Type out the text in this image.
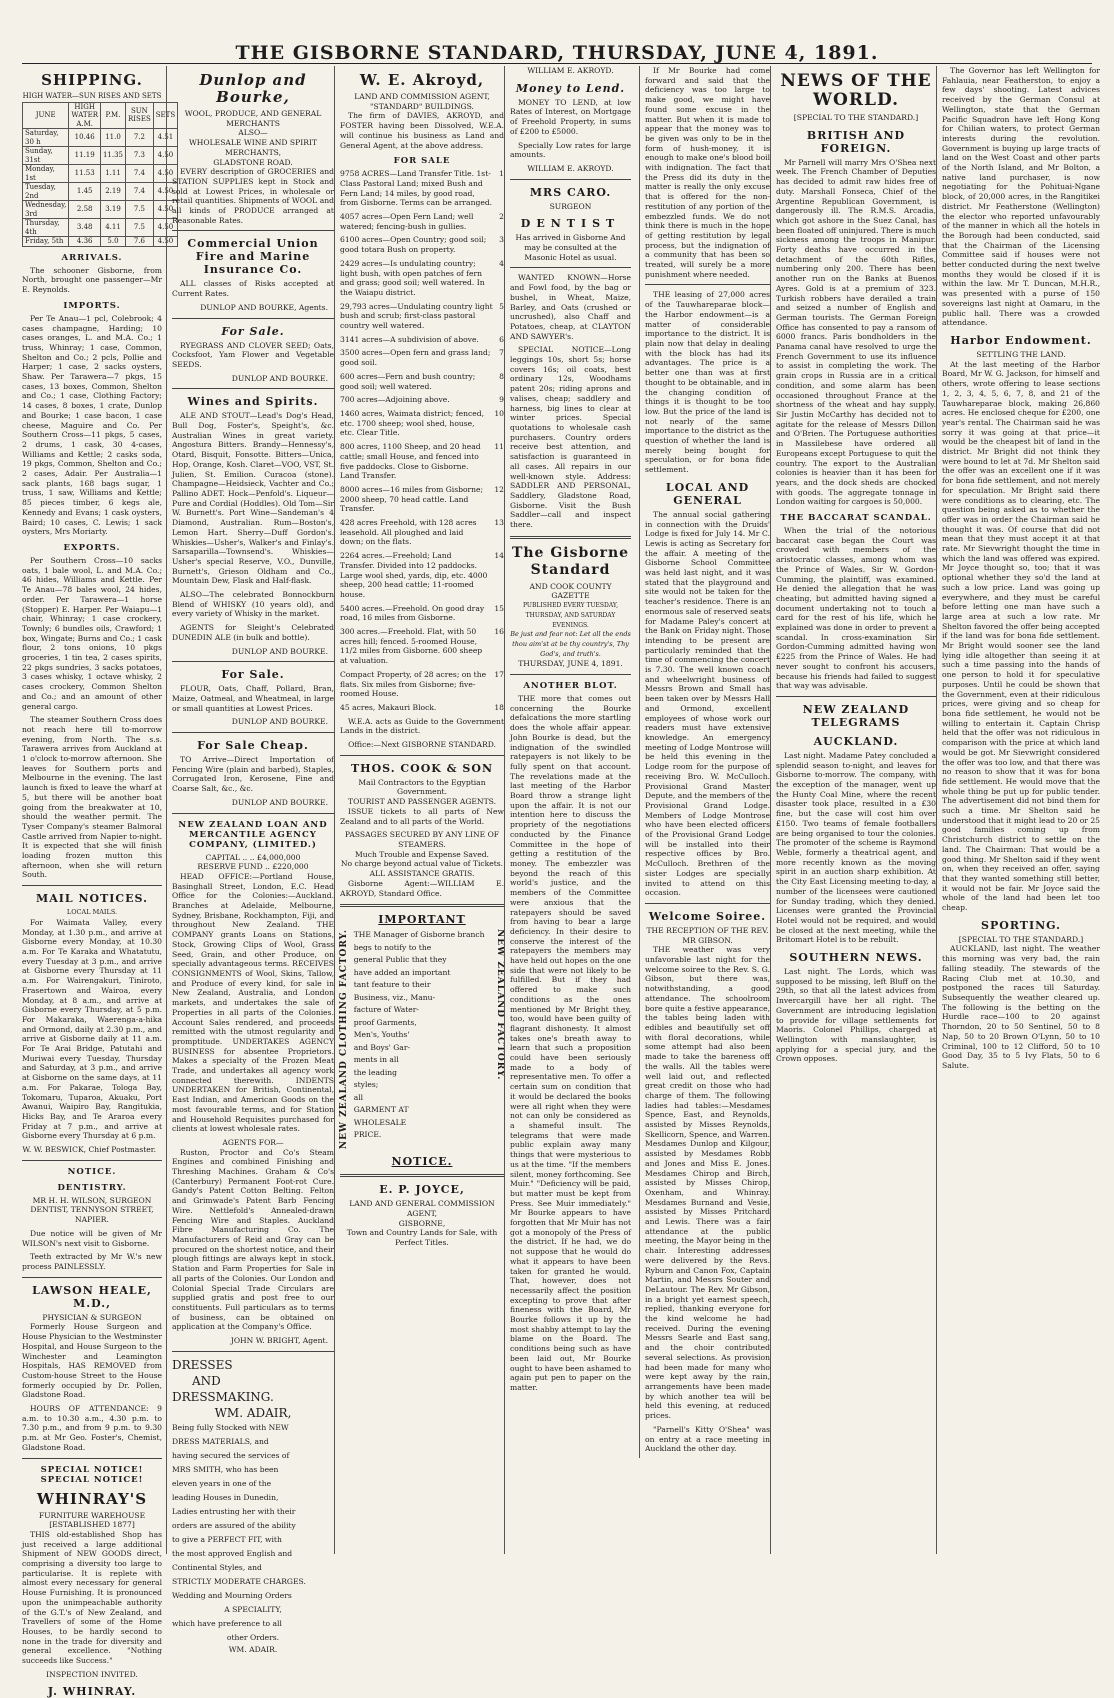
THE GISBORNE STANDARD, THURSDAY, JUNE 4, 1891.
SHIPPING.
HIGH WATER—SUN RISES AND SETS
JUNE	HIGH WATER A.M.	P.M.	SUN RISES	SETS
Saturday, 30 h	10.46	11.0	7.2	4.51
Sunday, 31st	11.19	11.35	7.3	4.50
Monday, 1st	11.53	1.11	7.4	4.50
Tuesday, 2nd	1.45	2.19	7.4	4.50
Wednesday, 3rd	2.58	3.19	7.5	4.50
Thursday, 4th	3.48	4.11	7.5	4.50
Friday, 5th	4.36	5.0	7.6	4.50
ARRIVALS.

The schooner Gisborne, from North, brought one passenger—Mr E. Reynolds.

IMPORTS.

Per Te Anau—1 pcl, Colebrook; 4 cases champagne, Harding; 10 cases oranges, L. and M.A. Co.; 1 truss, Whinray; 1 case, Common, Shelton and Co.; 2 pcls, Pollie and Harper; 1 case, 2 sacks oysters, Shaw. Per Tarawera—7 pkgs, 15 cases, 13 boxes, Common, Shelton and Co.; 1 case, Clothing Factory; 14 cases, 8 boxes, 1 crate, Dunlop and Bourke; 1 case bacon, 1 case cheese, Maguire and Co. Per Southern Cross—11 pkgs, 5 cases, 2 drums, 1 cask, 30 4-cases, Williams and Kettle; 2 casks soda, 19 pkgs, Common, Shelton and Co.; 2 cases, Adair. Per Australia—1 sack plants, 168 bags sugar, 1 truss, 1 saw, Williams and Kettle; 85 pieces timber, 6 kegs ale, Kennedy and Evans; 1 cask oysters, Baird; 10 cases, C. Lewis; 1 sack oysters, Mrs Moriarty.

EXPORTS.

Per Southern Cross—10 sacks oats, 1 bale wool, L. and M.A. Co.; 46 hides, Williams and Kettle. Per Te Anau—78 bales wool, 24 hides, order. Per Tarawera—1 horse (Stopper) E. Harper. Per Waiapu—1 chair, Whinray; 1 case crockery, Townly; 6 bundles oils, Crawford; 1 box, Wingate; Burns and Co.; 1 cask flour, 2 tons onions, 10 pkgs groceries, 1 tin tea, 2 cases spirits, 22 pkgs sundries, 3 sacks potatoes, 3 cases whisky, 1 octave whisky, 2 cases crockery, Common Shelton and Co.; and an amount of other general cargo.

The steamer Southern Cross does not reach here till to-morrow evening, from North. The s.s. Tarawera arrives from Auckland at 1 o'clock to-morrow afternoon. She leaves for Southern ports and Melbourne in the evening. The last launch is fixed to leave the wharf at 5, but there will be another boat going from the breakwater at 10, should the weather permit. The Tyser Company's steamer Balmoral Castle arrived from Napier to-night. It is expected that she will finish loading frozen mutton this afternoon, when she will return South.

MAIL NOTICES.
LOCAL MAILS.

For Waimata Valley, every Monday, at 1.30 p.m., and arrive at Gisborne every Monday, at 10.30 a.m. For Te Karaka and Whatatutu, every Tuesday at 3 p.m., and arrive at Gisborne every Thursday at 11 a.m. For Wairengakuri, Tiniroto, Frasertown and Wairoa, every Monday, at 8 a.m., and arrive at Gisborne every Thursday, at 5 p.m. For Makaraka, Waerenga-a-hika and Ormond, daily at 2.30 p.m., and arrive at Gisborne daily at 11 a.m. For Te Arai Bridge, Patutahi and Muriwai every Tuesday, Thursday and Saturday, at 3 p.m., and arrive at Gisborne on the same days, at 11 a.m. For Pakarae, Tologa Bay, Tokomaru, Tuparoa, Akuaku, Port Awanui, Waipiro Bay, Rangitukia, Hicks Bay, and Te Araroa every Friday at 7 p.m., and arrive at Gisborne every Thursday at 6 p.m.

W. W. BESWICK, Chief Postmaster.
NOTICE.
DENTISTRY.

MR H. H. WILSON, SURGEON DENTIST, TENNYSON STREET, NAPIER.

Due notice will be given of Mr WILSON's next visit to Gisborne.

Teeth extracted by Mr W.'s new process PAINLESSLY.

LAWSON HEALE, M.D.,
PHYSICIAN & SURGEON

Formerly House Surgeon and House Physician to the Westminster Hospital, and House Surgeon to the Winchester and Leamington Hospitals, HAS REMOVED from Custom-house Street to the House formerly occupied by Dr. Pollen, Gladstone Road.

HOURS OF ATTENDANCE: 9 a.m. to 10.30 a.m., 4.30 p.m. to 7.30 p.m., and from 9 p.m. to 9.30 p.m. at Mr Geo. Foster's, Chemist, Gladstone Road.

SPECIAL NOTICE! SPECIAL NOTICE!
WHINRAY'S
FURNITURE WAREHOUSE
[ESTABLISHED 1877]

THIS old-established Shop has just received a large additional Shipment of NEW GOODS direct, comprising a diversity too large to particularise. It is replete with almost every necessary for general House Furnishing. It is pronounced upon the unimpeachable authority of the G.T.'s of New Zealand, and Travellers of some of the Home Houses, to be hardly second to none in the trade for diversity and general excellence. "Nothing succeeds like Success."

INSPECTION INVITED.
J. WHINRAY.
Dunlop and Bourke,
WOOL, PRODUCE, AND GENERAL MERCHANTS
ALSO—
WHOLESALE WINE AND SPIRIT MERCHANTS,
GLADSTONE ROAD.

EVERY description of GROCERIES and STATION SUPPLIES kept in Stock and sold at Lowest Prices, in wholesale or retail quantities. Shipments of WOOL and all kinds of PRODUCE arranged at Reasonable Rates.

Commercial Union Fire and Marine Insurance Co.

ALL classes of Risks accepted at Current Rates.

DUNLOP AND BOURKE, Agents.
For Sale.

RYEGRASS AND CLOVER SEED; Oats, Cocksfoot, Yam Flower and Vegetable SEEDS.

DUNLOP AND BOURKE.
Wines and Spirits.

ALE AND STOUT—Lead's Dog's Head, Bull Dog, Foster's, Speight's, &c. Australian Wines in great variety. Angostura Bitters. Brandy—Hennessy's, Otard, Bisquit, Fonsotte. Bitters—Unica, Hop, Orange, Kosh. Claret—VOO, VST, St. Julien, St. Emilion. Curacoa (stone). Champagne—Heidsieck, Vachter and Co.; Pallino ADET. Hock—Penfold's. Liqueur—Pure and Cordial (Hoddles). Old Tom—Sir W. Burnett's. Port Wine—Sandeman's 4 Diamond, Australian. Rum—Boston's, Lemon Hart. Sherry—Duff Gordon's. Whiskies—Usher's, Walker's and Finlay's. Sarsaparilla—Townsend's. Whiskies—Usher's special Reserve, V.O., Dunville, Burnett's, Grieson Oldham and Co., Mountain Dew, Flask and Half-flask.

ALSO—The celebrated Bonnockburn Blend of WHISKY (10 years old), and every variety of Whisky in the market.

AGENTS for Sleight's Celebrated DUNEDIN ALE (in bulk and bottle).

DUNLOP AND BOURKE.
For Sale.

FLOUR, Oats, Chaff, Pollard, Bran, Maize, Oatmeal, and Wheatmeal, in large or small quantities at Lowest Prices.

DUNLOP AND BOURKE.
For Sale Cheap.

TO Arrive—Direct Importation of Fencing Wire (plain and barbed), Staples, Corrugated Iron, Kerosene, Fine and Coarse Salt, &c., &c.

DUNLOP AND BOURKE.
NEW ZEALAND LOAN AND MERCANTILE AGENCY COMPANY, (LIMITED.)
CAPITAL .. .. £4,000,000
RESERVE FUND .. £220,000

HEAD OFFICE:—Portland House, Basinghall Street, London, E.C. Head Office for the Colonies:—Auckland. Branches at Adelaide, Melbourne, Sydney, Brisbane, Rockhampton, Fiji, and throughout New Zealand. THE COMPANY grants Loans on Stations, Stock, Growing Clips of Wool, Grass Seed, Grain, and other Produce, on specially advantageous terms. RECEIVES CONSIGNMENTS of Wool, Skins, Tallow, and Produce of every kind, for sale in New Zealand, Australia, and London markets, and undertakes the sale of Properties in all parts of the Colonies. Account Sales rendered, and proceeds remitted with the utmost regularity and promptitude. UNDERTAKES AGENCY BUSINESS for absentee Proprietors. Makes a specialty of the Frozen Meat Trade, and undertakes all agency work connected therewith. INDENTS UNDERTAKEN for British, Continental, East Indian, and American Goods on the most favourable terms, and for Station and Household Requisites purchased for clients at lowest wholesale rates.

AGENTS FOR—

Ruston, Proctor and Co's Steam Engines and combined Finishing and Threshing Machines. Graham & Co's (Canterbury) Permanent Foot-rot Cure. Gandy's Patent Cotton Belting. Felton and Grimwade's Patent Barb Fencing Wire. Nettlefold's Annealed-drawn Fencing Wire and Staples. Auckland Fibre Manufacturing Co. The Manufacturers of Reid and Gray can be procured on the shortest notice, and their plough fittings are always kept in stock. Station and Farm Properties for Sale in all parts of the Colonies. Our London and Colonial Special Trade Circulars are supplied gratis and post free to our constituents. Full particulars as to terms of business, can be obtained on application at the Company's Office.

JOHN W. BRIGHT, Agent.
DRESSES
AND
DRESSMAKING.
WM. ADAIR,
Being fully Stocked with NEW
DRESS MATERIALS, and
having secured the services of
MRS SMITH, who has been
eleven years in one of the
leading Houses in Dunedin,
Ladies entrusting her with their
orders are assured of the ability
to give a PERFECT FIT, with
the most approved English and
Continental Styles, and
STRICTLY MODERATE CHARGES.
Wedding and Mourning Orders
A SPECIALITY,
which have preference to all
other Orders.
WM. ADAIR.
W. E. Akroyd,
LAND AND COMMISSION AGENT, "STANDARD" BUILDINGS.

The firm of DAVIES, AKROYD, and FOSTER having been Dissolved, W.E.A. will continue his business as Land and General Agent, at the above address.

FOR SALE
9758 ACRES—Land Transfer Title. 1st-Class Pastoral Land; mixed Bush and Fern Land; 14 miles, by good road, from Gisborne. Terms can be arranged.
1
4057 acres—Open Fern Land; well watered; fencing-bush in gullies.
2
6100 acres—Open Country; good soil; good totara Bush on property.
3
2429 acres—Is undulating country; light bush, with open patches of fern and grass; good soil; well watered. In the Waiapu district.
4
29,793 acres—Undulating country light bush and scrub; first-class pastoral country well watered.
5
3141 acres—A subdivision of above.	6
3500 acres—Open fern and grass land; good soil.
7
600 acres—Fern and bush country; good soil; well watered.
8
700 acres—Adjoining above.	9
1460 acres, Waimata district; fenced, etc. 1700 sheep; wool shed, house, etc. Clear Title.
10
800 acres, 1100 Sheep, and 20 head cattle; small House, and fenced into five paddocks. Close to Gisborne. Land Transfer.
11
8000 acres—16 miles from Gisborne; 2000 sheep, 70 head cattle. Land Transfer.
12
428 acres Freehold, with 128 acres leasehold. All ploughed and laid down; on the flats.
13
2264 acres.—Freehold; Land Transfer. Divided into 12 paddocks. Large wool shed, yards, dip, etc. 4000 sheep, 200 head cattle; 11-roomed house.
14
5400 acres.—Freehold. On good dray road, 16 miles from Gisborne.
15
300 acres.—Freehold. Flat, with 50 acres hill; fenced. 5-roomed House, 11/2 miles from Gisborne. 600 sheep at valuation.
16
Compact Property, of 28 acres; on the flats. Six miles from Gisborne; five-roomed House.
17
45 acres, Makauri Block.	18

W.E.A. acts as Guide to the Government Lands in the district.

Office:—Next GISBORNE STANDARD.
THOS. COOK & SON
Mail Contractors to the Egyptian Government.
TOURIST AND PASSENGER AGENTS.

ISSUE tickets to all parts of New Zealand and to all parts of the World.

PASSAGES SECURED BY ANY LINE OF STEAMERS.
Much Trouble and Expense Saved.
No charge beyond actual value of Tickets.
ALL ASSISTANCE GRATIS.

Gisborne Agent:—WILLIAM E. AKROYD, Standard Office.

IMPORTANT
NEW ZEALAND CLOTHING FACTORY. THE Manager of Gisborne branch
begs to notify to the
general Public that they
have added an important
tant feature to their
Business, viz., Manu-
facture of Water-
proof Garments,
Men's, Youths'
and Boys' Gar-
ments in all
the leading
styles;
all
GARMENT AT
WHOLESALE
PRICE.
NEW ZEALAND FACTORY.
NOTICE.
E. P. JOYCE,
LAND AND GENERAL COMMISSION AGENT,
GISBORNE,
Town and Country Lands for Sale, with Perfect Titles.
WILLIAM E. AKROYD.
Money to Lend.

MONEY TO LEND, at low Rates of Interest, on Mortgage of Freehold Property, in sums of £200 to £5000.

Specially Low rates for large amounts.

WILLIAM E. AKROYD.
MRS CARO.
SURGEON
DENTIST

Has arrived in Gisborne And may be consulted at the Masonic Hotel as usual.

WANTED KNOWN—Horse and Fowl food, by the bag or bushel, in Wheat, Maize, Barley, and Oats (crushed or uncrushed), also Chaff and Potatoes, cheap, at CLAYTON AND SAWYER's.

SPECIAL NOTICE—Long leggings 10s, short 5s; horse covers 16s; oil coats, best ordinary 12s, Woodhams patent 20s; riding aprons and valises, cheap; saddlery and harness, big lines to clear at winter prices. Special quotations to wholesale cash purchasers. Country orders receive best attention, and satisfaction is guaranteed in all cases. All repairs in our well-known style. Address: SADDLER AND PERSONAL, Saddlery, Gladstone Road, Gisborne. Visit the Bush Saddler—call and inspect there.

The Gisborne Standard
AND COOK COUNTY GAZETTE
PUBLISHED EVERY TUESDAY, THURSDAY, AND SATURDAY EVENINGS.
Be just and fear not: Let all the ends thou aim'st at be thy country's, Thy God's, and truth's.
THURSDAY, JUNE 4, 1891.
ANOTHER BLOT.

THE more that comes out concerning the Bourke defalcations the more startling does the whole affair appear. John Bourke is dead, but the indignation of the swindled ratepayers is not likely to be fully spent on that account. The revelations made at the last meeting of the Harbor Board throw a strange light upon the affair. It is not our intention here to discuss the propriety of the negotiations conducted by the Finance Committee in the hope of getting a restitution of the money. The embezzler was beyond the reach of this world's justice, and the members of the Committee were anxious that the ratepayers should be saved from having to bear a large deficiency. In their desire to conserve the interest of the ratepayers the members may have held out hopes on the one side that were not likely to be fulfilled. But if they had offered to make such conditions as the ones mentioned by Mr Bright they, too, would have been guilty of flagrant dishonesty. It almost takes one's breath away to learn that such a proposition could have been seriously made to a body of representative men. To offer a certain sum on condition that it would be declared the books were all right when they were not can only be considered as a shameful insult. The telegrams that were made public explain away many things that were mysterious to us at the time. "If the members silent, money forthcoming. See Muir." "Deficiency will be paid, but matter must be kept from Press. See Muir immediately." Mr Bourke appears to have forgotten that Mr Muir has not got a monopoly of the Press of the district. If he had, we do not suppose that he would do what it appears to have been taken for granted he would. That, however, does not necessarily affect the position excepting to prove that after fineness with the Board, Mr Bourke follows it up by the most shabby attempt to lay the blame on the Board. The conditions being such as have been laid out, Mr Bourke ought to have been ashamed to again put pen to paper on the matter.

If Mr Bourke had come forward and said that the deficiency was too large to make good, we might have found some excuse in the matter. But when it is made to appear that the money was to be given was only to be in the form of hush-money, it is enough to make one's blood boil with indignation. The fact that the Press did its duty in the matter is really the only excuse that is offered for the non-restitution of any portion of the embezzled funds. We do not think there is much in the hope of getting restitution by legal process, but the indignation of a community that has been so treated, will surely be a more punishment where needed.

THE leasing of 27,000 acres of the Tauwhareparae block—the Harbor endowment—is a matter of considerable importance to the district. It is plain now that delay in dealing with the block has had its advantages. The price is a better one than was at first thought to be obtainable, and in the changing condition of things it is thought to be too low. But the price of the land is not nearly of the same importance to the district as the question of whether the land is merely being bought for speculation, or for bona fide settlement.

LOCAL AND GENERAL

The annual social gathering in connection with the Druids' Lodge is fixed for July 14. Mr C. Lewis is acting as Secretary for the affair. A meeting of the Gisborne School Committee was held last night, and it was stated that the playground and site would not be taken for the teacher's residence. There is an enormous sale of reserved seats for Madame Paley's concert at the Bank on Friday night. Those intending to be present are particularly reminded that the time of commencing the concert is 7.30. The well known coach and wheelwright business of Messrs Brown and Small has been taken over by Messrs Hall and Ormond, excellent employees of whose work our readers must have extensive knowledge. An emergency meeting of Lodge Montrose will be held this evening in the Lodge room for the purpose of receiving Bro. W. McCulloch. Provisional Grand Master Depute, and the members of the Provisional Grand Lodge. Members of Lodge Montrose who have been elected officers of the Provisional Grand Lodge will be installed into their respective offices by Bro. McCulloch. Brethren of the sister Lodges are specially invited to attend on this occasion.

Welcome Soiree.
THE RECEPTION OF THE REV. MR GIBSON.

THE weather was very unfavorable last night for the welcome soiree to the Rev. S. G. Gibson, but there was, notwithstanding, a good attendance. The schoolroom bore quite a festive appearance, the tables being laden with edibles and beautifully set off with floral decorations, while some attempt had also been made to take the bareness off the walls. All the tables were well laid out, and reflected great credit on those who had charge of them. The following ladies had tables:—Mesdames Spence, East, and Reynolds, assisted by Misses Reynolds, Skellicorn, Spence, and Warren. Mesdames Dunlop and Kilgour, assisted by Mesdames Robb and Jones and Miss E. Jones. Mesdames Chirop and Birch, assisted by Misses Chirop, Oxenham, and Whinray. Mesdames Burnand and Vesie, assisted by Misses Pritchard and Lewis. There was a fair attendance at the public meeting, the Mayor being in the chair. Interesting addresses were delivered by the Revs. Ryburn and Canon Fox, Captain Martin, and Messrs Souter and DeLautour. The Rev. Mr Gibson, in a bright yet earnest speech, replied, thanking everyone for the kind welcome he had received. During the evening Messrs Searle and East sang, and the choir contributed several selections. As provision had been made for many who were kept away by the rain, arrangements have been made by which another tea will be held this evening, at reduced prices.

"Parnell's Kitty O'Shea" was on entry at a race meeting in Auckland the other day.

NEWS OF THE WORLD.
[SPECIAL TO THE STANDARD.]
BRITISH AND FOREIGN.

Mr Parnell will marry Mrs O'Shea next week. The French Chamber of Deputies has decided to admit raw hides free of duty. Marshall Fonseca, Chief of the Argentine Republican Government, is dangerously ill. The R.M.S. Arcadia, which got ashore in the Suez Canal, has been floated off uninjured. There is much sickness among the troops in Manipur. Forty deaths have occurred in the detachment of the 60th Rifles, numbering only 200. There has been another run on the Banks at Buenos Ayres. Gold is at a premium of 323. Turkish robbers have derailed a train and seized a number of English and German tourists. The German Foreign Office has consented to pay a ransom of 6000 francs. Paris bondholders in the Panama canal have resolved to urge the French Government to use its influence to assist in completing the work. The grain crops in Russia are in a critical condition, and some alarm has been occasioned throughout France at the shortness of the wheat and hay supply. Sir Justin McCarthy has decided not to agitate for the release of Messrs Dillon and O'Brien. The Portuguese authorities in Massilebese have ordered all Europeans except Portuguese to quit the country. The export to the Australian colonies is heavier than it has been for years, and the dock sheds are chocked with goods. The aggregate tonnage in London waiting for cargoes is 50,000.

THE BACCARAT SCANDAL.

When the trial of the notorious baccarat case began the Court was crowded with members of the aristocratic classes, among whom was the Prince of Wales. Sir W. Gordon-Cumming, the plaintiff, was examined. He denied the allegation that he was cheating, but admitted having signed a document undertaking not to touch a card for the rest of his life, which he explained was done in order to prevent a scandal. In cross-examination Sir Gordon-Cumming admitted having won £225 from the Prince of Wales. He had never sought to confront his accusers, because his friends had failed to suggest that way was advisable.

NEW ZEALAND TELEGRAMS
AUCKLAND.

Last night. Madame Patey concluded a splendid season to-night, and leaves for Gisborne to-morrow. The company, with the exception of the manager, went up the Hunty Coal Mine, where the recent disaster took place, resulted in a £30 fine, but the case will cost him over £150. Two teams of female footballers are being organised to tour the colonies. The promoter of the scheme is Raymond Weble, formerly a theatrical agent, and more recently known as the moving spirit in an auction sharp exhibition. At the City East Licensing meeting to-day, a number of the licensees were cautioned for Sunday trading, which they denied. Licenses were granted the Provincial Hotel would not be required, and would be closed at the next meeting, while the Britomart Hotel is to be rebuilt.

SOUTHERN NEWS.

Last night. The Lords, which was supposed to be missing, left Bluff on the 29th, so that all the latest advices from Invercargill have her all right. The Government are introducing legislation to provide for village settlements for Maoris. Colonel Phillips, charged at Wellington with manslaughter, is applying for a special jury, and the Crown opposes.

The Governor has left Wellington for Fahlauia, near Featherston, to enjoy a few days' shooting. Latest advices received by the German Consul at Wellington, state that the German Pacific Squadron have left Hong Kong for Chilian waters, to protect German interests during the revolution. Government is buying up large tracts of land on the West Coast and other parts of the North Island, and Mr Bolton, a native land purchaser, is now negotiating for the Pohituai-Ngane block, of 20,000 acres, in the Rangitikei district. Mr Featherstone (Wellington) the elector who reported unfavourably of the manner in which all the hotels in the Borough had been conducted, said that the Chairman of the Licensing Committee said if houses were not better conducted during the next twelve months they would be closed if it is within the law. Mr T. Duncan, M.H.R., was presented with a purse of 150 sovereigns last night at Oamaru, in the public hall. There was a crowded attendance.

Harbor Endowment.
SETTLING THE LAND.

At the last meeting of the Harbor Board, Mr W. G. Jackson, for himself and others, wrote offering to lease sections 1, 2, 3, 4, 5, 6, 7, 8, and 21 of the Tauwhareparae block, making 26,860 acres. He enclosed cheque for £200, one year's rental. The Chairman said he was sorry it was going at that price—it would be the cheapest bit of land in the district. Mr Bright did not think they were bound to let at 7d. Mr Shelton said the offer was an excellent one if it was for bona fide settlement, and not merely for speculation. Mr Bright said there were conditions as to clearing, etc. The question being asked as to whether the offer was in order the Chairman said he thought it was. Of course that did not mean that they must accept it at that rate. Mr Sievwright thought the time in which the land was offered was expired. Mr Joyce thought so, too; that it was optional whether they so'd the land at such a low price. Land was going up everywhere, and they must be careful before letting one man have such a large area at such a low rate. Mr Shelton favored the offer being accepted if the land was for bona fide settlement. Mr Bright would sooner see the land lying idle altogether than seeing it at such a time passing into the hands of one person to hold it for speculative purposes. Until he could be shown that the Government, even at their ridiculous prices, were giving and so cheap for bona fide settlement, he would not be willing to entertain it. Captain Chrisp held that the offer was not ridiculous in comparison with the price at which land would be got. Mr Sievwright considered the offer was too low, and that there was no reason to show that it was for bona fide settlement. He would move that the whole thing be put up for public tender. The advertisement did not bind them for such a time. Mr Shelton said he understood that it might lead to 20 or 25 good families coming up from Christchurch district to settle on the land. The Chairman: That would be a good thing. Mr Shelton said if they went on, when they received an offer, saying that they wanted something still better, it would not be fair. Mr Joyce said the whole of the land had been let too cheap.

SPORTING.
[SPECIAL TO THE STANDARD.]

AUCKLAND, last night. The weather this morning was very bad, the rain falling steadily. The stewards of the Racing Club met at 10.30, and postponed the races till Saturday. Subsequently the weather cleared up. The following is the betting on the Hurdle race—100 to 20 against Thorndon, 20 to 50 Sentinel, 50 to 8 Nap, 50 to 20 Brown O'Lynn, 50 to 10 Criminal, 100 to 12 Clifford, 50 to 10 Good Day, 35 to 5 Ivy Flats, 50 to 6 Salute.
